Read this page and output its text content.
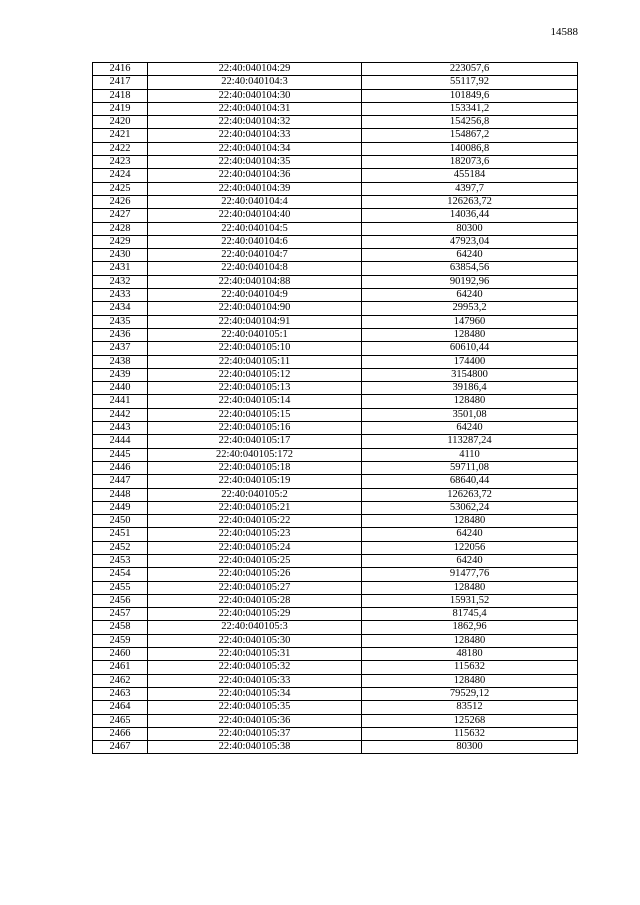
14588
2416	22:40:040104:29	223057,6
2417	22:40:040104:3	55117,92
2418	22:40:040104:30	101849,6
2419	22:40:040104:31	153341,2
2420	22:40:040104:32	154256,8
2421	22:40:040104:33	154867,2
2422	22:40:040104:34	140086,8
2423	22:40:040104:35	182073,6
2424	22:40:040104:36	455184
2425	22:40:040104:39	4397,7
2426	22:40:040104:4	126263,72
2427	22:40:040104:40	14036,44
2428	22:40:040104:5	80300
2429	22:40:040104:6	47923,04
2430	22:40:040104:7	64240
2431	22:40:040104:8	63854,56
2432	22:40:040104:88	90192,96
2433	22:40:040104:9	64240
2434	22:40:040104:90	29953,2
2435	22:40:040104:91	147960
2436	22:40:040105:1	128480
2437	22:40:040105:10	60610,44
2438	22:40:040105:11	174400
2439	22:40:040105:12	3154800
2440	22:40:040105:13	39186,4
2441	22:40:040105:14	128480
2442	22:40:040105:15	3501,08
2443	22:40:040105:16	64240
2444	22:40:040105:17	113287,24
2445	22:40:040105:172	4110
2446	22:40:040105:18	59711,08
2447	22:40:040105:19	68640,44
2448	22:40:040105:2	126263,72
2449	22:40:040105:21	53062,24
2450	22:40:040105:22	128480
2451	22:40:040105:23	64240
2452	22:40:040105:24	122056
2453	22:40:040105:25	64240
2454	22:40:040105:26	91477,76
2455	22:40:040105:27	128480
2456	22:40:040105:28	15931,52
2457	22:40:040105:29	81745,4
2458	22:40:040105:3	1862,96
2459	22:40:040105:30	128480
2460	22:40:040105:31	48180
2461	22:40:040105:32	115632
2462	22:40:040105:33	128480
2463	22:40:040105:34	79529,12
2464	22:40:040105:35	83512
2465	22:40:040105:36	125268
2466	22:40:040105:37	115632
2467	22:40:040105:38	80300
